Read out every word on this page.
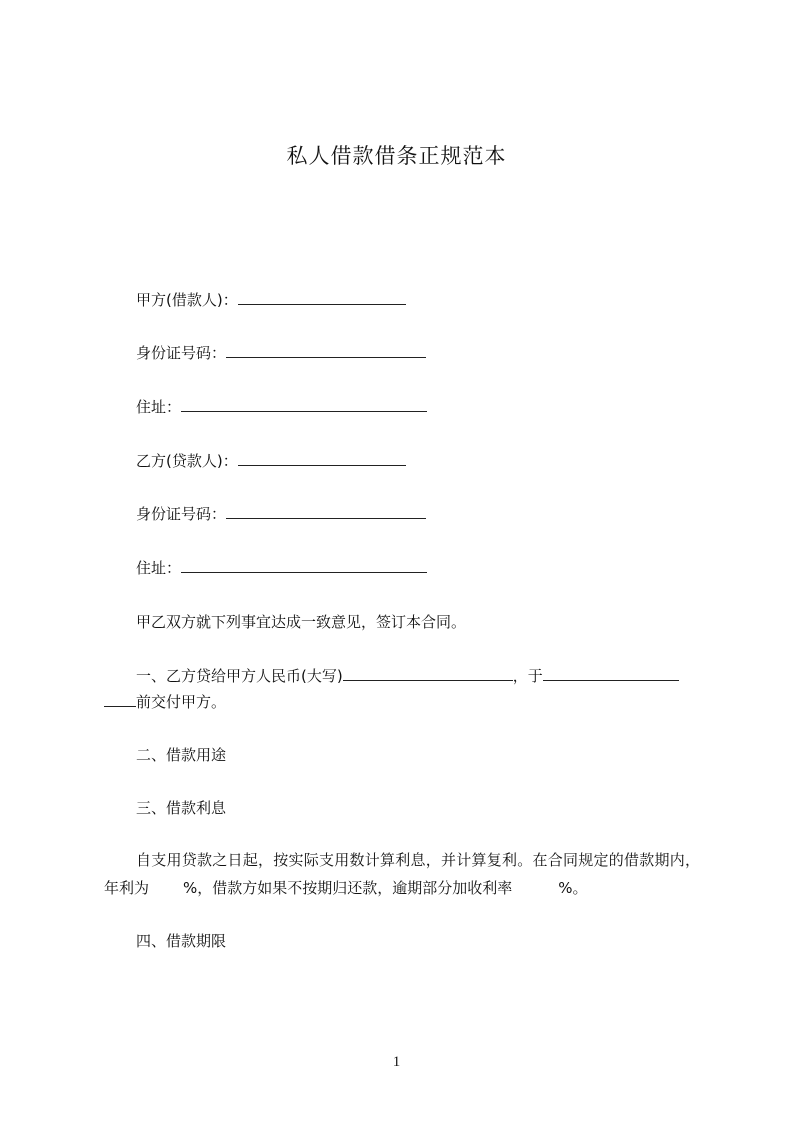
私人借款借条正规范本
甲方(借款人)：
身份证号码：
住址：
乙方(贷款人)：
身份证号码：
住址：
甲乙双方就下列事宜达成一致意见，签订本合同。
一、乙方贷给甲方人民币(大写)	，于
前交付甲方。
二、借款用途
三、借款利息
自支用贷款之日起，按实际支用数计算利息，并计算复利。在合同规定的借款期内，年利为 %，借款方如果不按期归还款，逾期部分加收利率	%。
四、借款期限
1
